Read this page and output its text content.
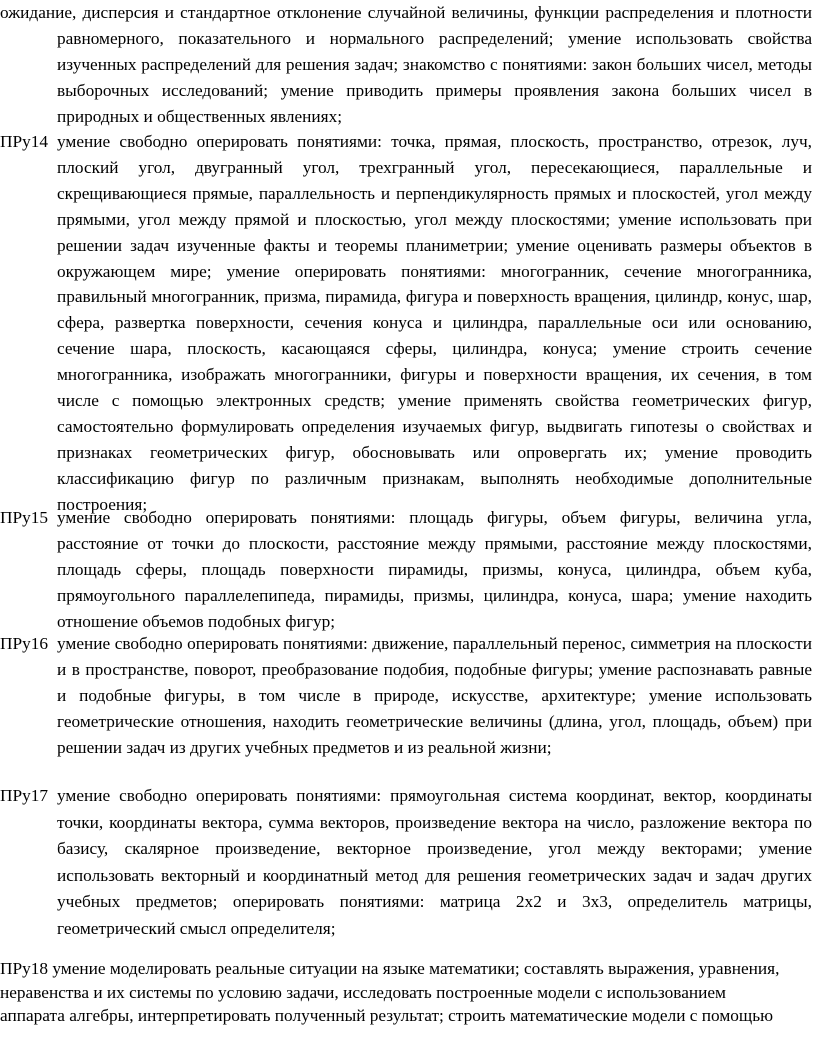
ожидание, дисперсия и стандартное отклонение случайной величины, функции распределения и плотности равномерного, показательного и нормального распределений; умение использовать свойства изученных распределений для решения задач; знакомство с понятиями: закон больших чисел, методы выборочных исследований; умение приводить примеры проявления закона больших чисел в природных и общественных явлениях;

ПРу14 умение свободно оперировать понятиями: точка, прямая, плоскость, пространство, отрезок, луч, плоский угол, двугранный угол, трехгранный угол, пересекающиеся, параллельные и скрещивающиеся прямые, параллельность и перпендикулярность прямых и плоскостей, угол между прямыми, угол между прямой и плоскостью, угол между плоскостями; умение использовать при решении задач изученные факты и теоремы планиметрии; умение оценивать размеры объектов в окружающем мире; умение оперировать понятиями: многогранник, сечение многогранника, правильный многогранник, призма, пирамида, фигура и поверхность вращения, цилиндр, конус, шар, сфера, развертка поверхности, сечения конуса и цилиндра, параллельные оси или основанию, сечение шара, плоскость, касающаяся сферы, цилиндра, конуса; умение строить сечение многогранника, изображать многогранники, фигуры и поверхности вращения, их сечения, в том числе с помощью электронных средств; умение применять свойства геометрических фигур, самостоятельно формулировать определения изучаемых фигур, выдвигать гипотезы о свойствах и признаках геометрических фигур, обосновывать или опровергать их; умение проводить классификацию фигур по различным признакам, выполнять необходимые дополнительные построения;
ПРу15 умение свободно оперировать понятиями: площадь фигуры, объем фигуры, величина угла, расстояние от точки до плоскости, расстояние между прямыми, расстояние между плоскостями, площадь сферы, площадь поверхности пирамиды, призмы, конуса, цилиндра, объем куба, прямоугольного параллелепипеда, пирамиды, призмы, цилиндра, конуса, шара; умение находить отношение объемов подобных фигур;
ПРу16 умение свободно оперировать понятиями: движение, параллельный перенос, симметрия на плоскости и в пространстве, поворот, преобразование подобия, подобные фигуры; умение распознавать равные и подобные фигуры, в том числе в природе, искусстве, архитектуре; умение использовать геометрические отношения, находить геометрические величины (длина, угол, площадь, объем) при решении задач из других учебных предметов и из реальной жизни;
ПРу17 умение свободно оперировать понятиями: прямоугольная система координат, вектор, координаты точки, координаты вектора, сумма векторов, произведение вектора на число, разложение вектора по базису, скалярное произведение, векторное произведение, угол между векторами; умение использовать векторный и координатный метод для решения геометрических задач и задач других учебных предметов; оперировать понятиями: матрица 2х2 и 3х3, определитель матрицы, геометрический смысл определителя;

ПРу18 умение моделировать реальные ситуации на языке математики; составлять выражения, уравнения, неравенства и их системы по условию задачи, исследовать построенные модели с использованием аппарата алгебры, интерпретировать полученный результат; строить математические модели с помощью
